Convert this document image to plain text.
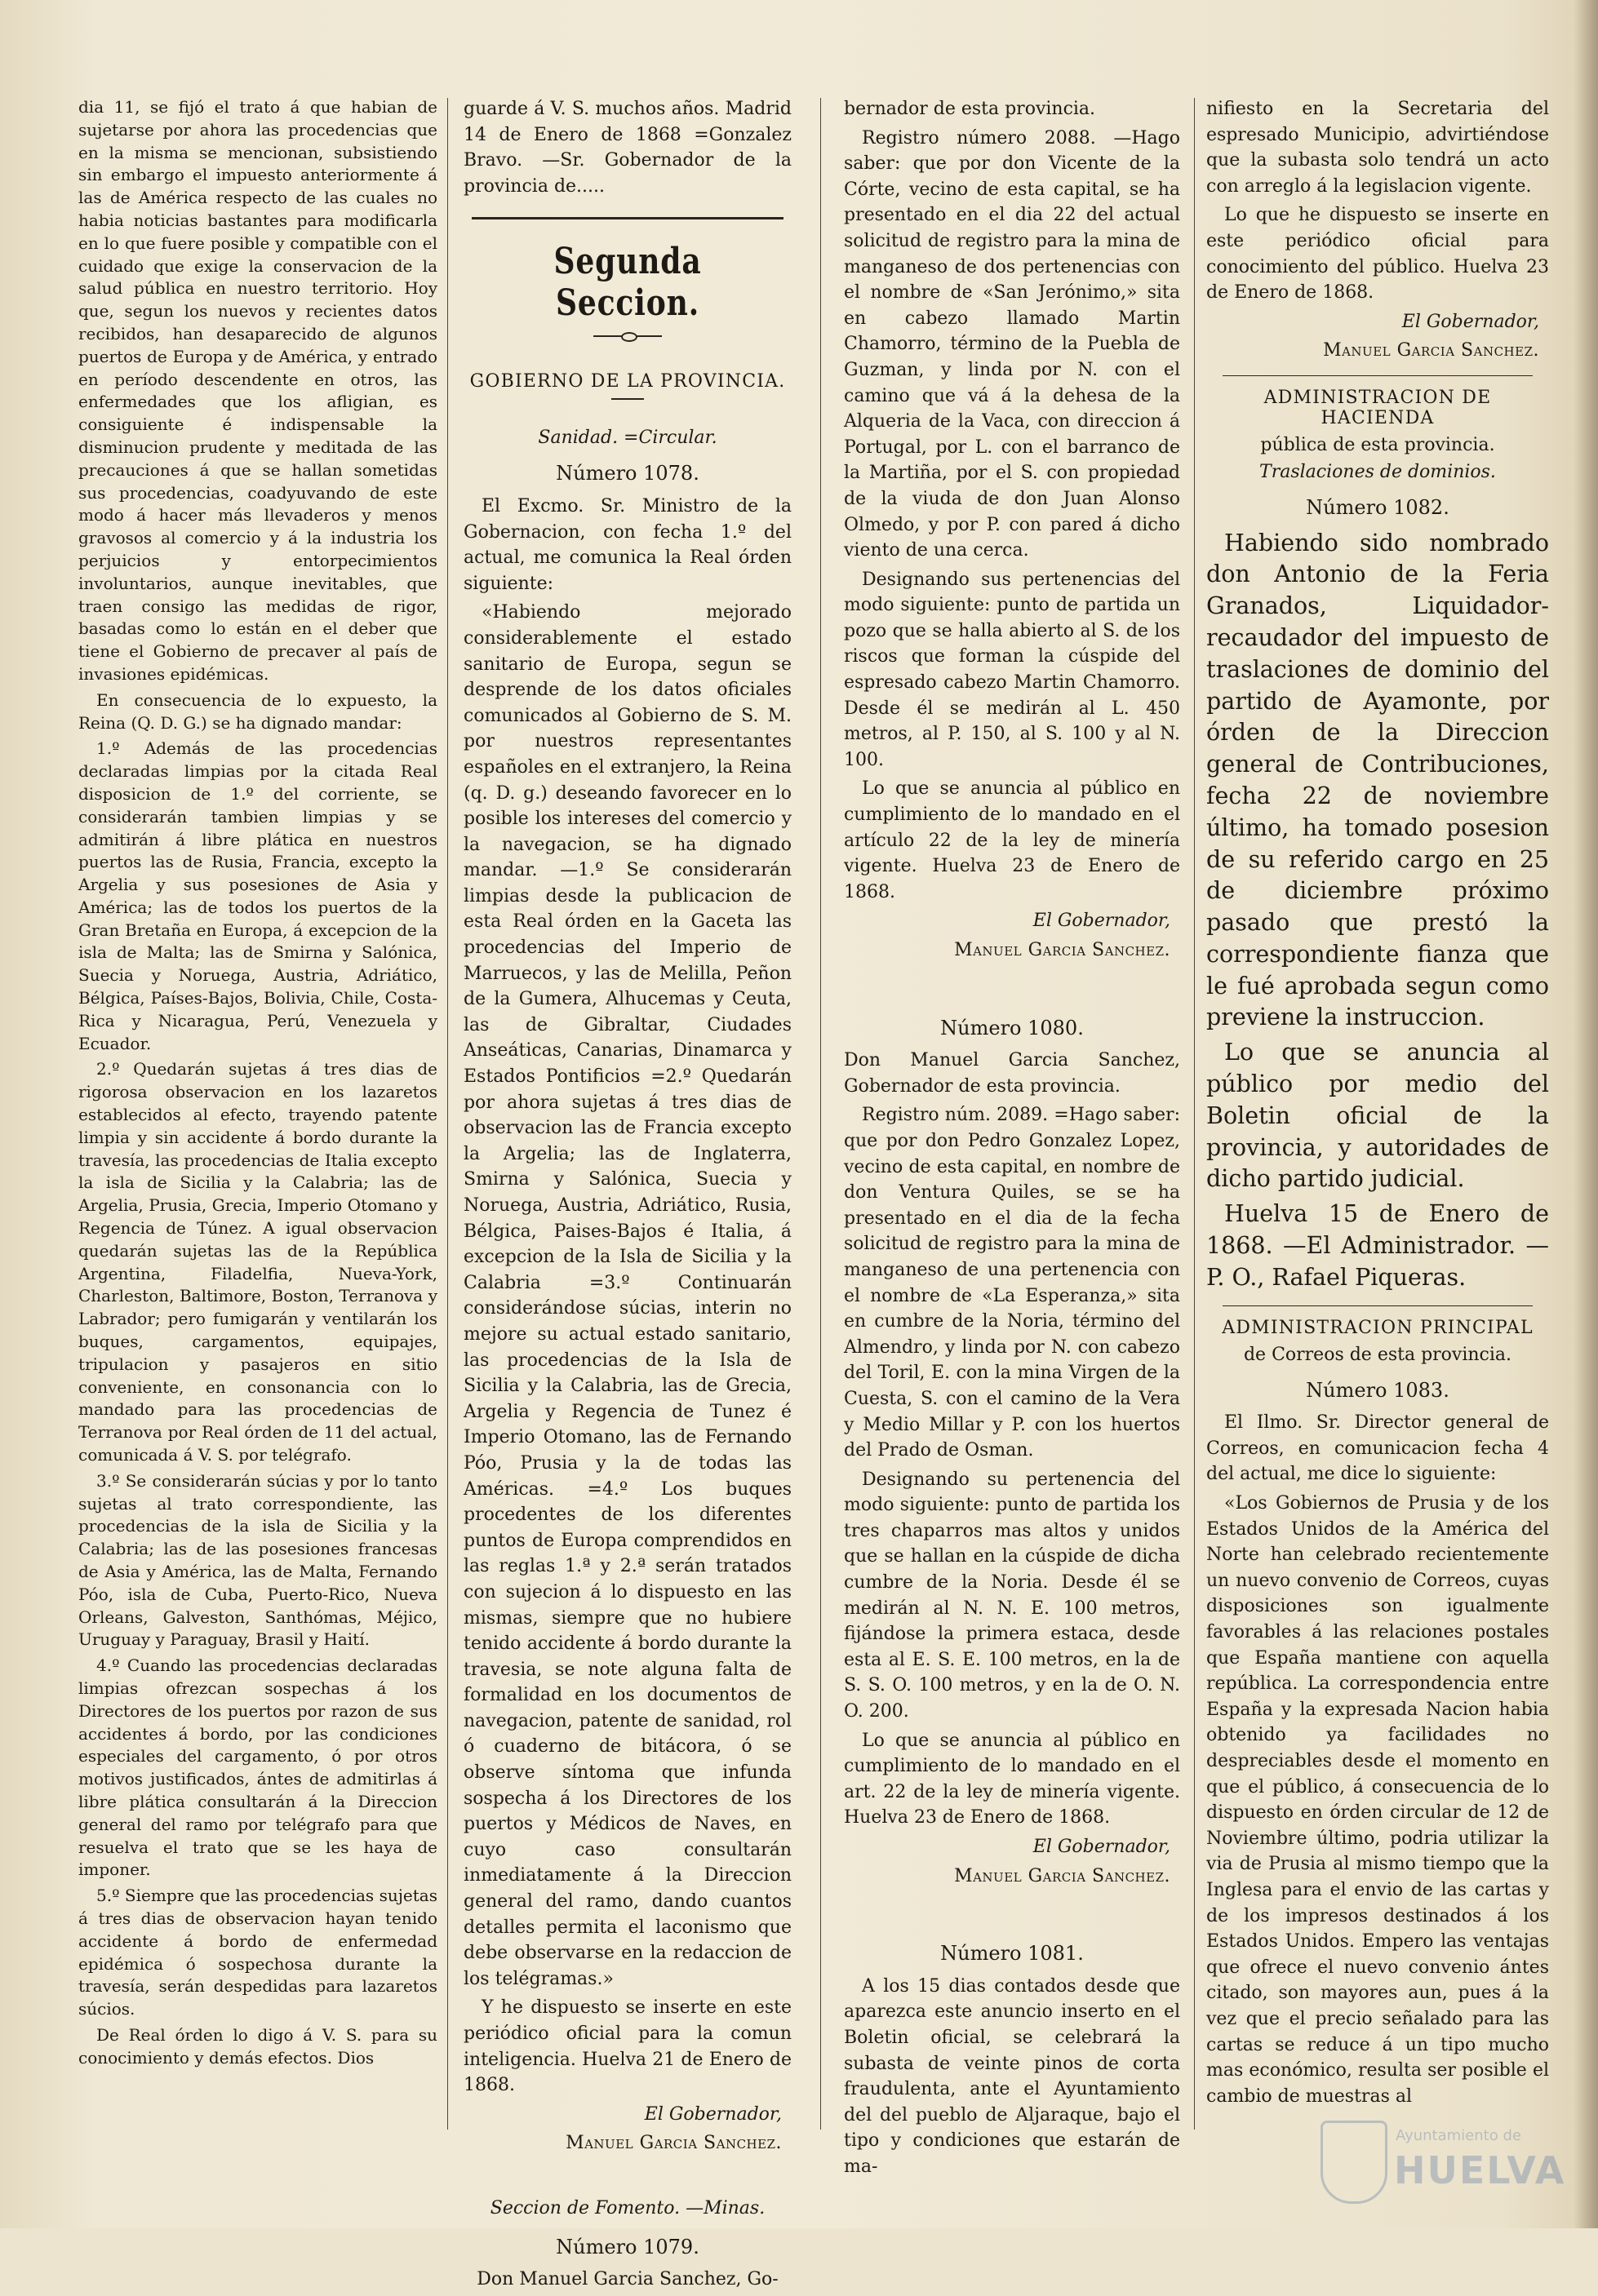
dia 11, se fijó el trato á que habian de sujetarse por ahora las procedencias que en la misma se mencionan, subsistiendo sin embargo el impuesto anteriormente á las de América respecto de las cuales no habia noticias bastantes para modificarla en lo que fuere posible y compatible con el cuidado que exige la conservacion de la salud pública en nuestro territorio. Hoy que, segun los nuevos y recientes datos recibidos, han desaparecido de algunos puertos de Europa y de América, y entrado en período descendente en otros, las enfermedades que los afligian, es consiguiente é indispensable la disminucion prudente y meditada de las precauciones á que se hallan sometidas sus procedencias, coadyuvando de este modo á hacer más llevaderos y menos gravosos al comercio y á la industria los perjuicios y entorpecimientos involuntarios, aunque inevitables, que traen consigo las medidas de rigor, basadas como lo están en el deber que tiene el Gobierno de precaver al país de invasiones epidémicas.

En consecuencia de lo expuesto, la Reina (Q. D. G.) se ha dignado mandar:

1.º Además de las procedencias declaradas limpias por la citada Real disposicion de 1.º del corriente, se considerarán tambien limpias y se admitirán á libre plática en nuestros puertos las de Rusia, Francia, excepto la Argelia y sus posesiones de Asia y América; las de todos los puertos de la Gran Bretaña en Europa, á excepcion de la isla de Malta; las de Smirna y Salónica, Suecia y Noruega, Austria, Adriático, Bélgica, Países-Bajos, Bolivia, Chile, Costa-Rica y Nicaragua, Perú, Venezuela y Ecuador.

2.º Quedarán sujetas á tres dias de rigorosa observacion en los lazaretos establecidos al efecto, trayendo patente limpia y sin accidente á bordo durante la travesía, las procedencias de Italia excepto la isla de Sicilia y la Calabria; las de Argelia, Prusia, Grecia, Imperio Otomano y Regencia de Túnez. A igual observacion quedarán sujetas las de la República Argentina, Filadelfia, Nueva-York, Charleston, Baltimore, Boston, Terranova y Labrador; pero fumigarán y ventilarán los buques, cargamentos, equipajes, tripulacion y pasajeros en sitio conveniente, en consonancia con lo mandado para las procedencias de Terranova por Real órden de 11 del actual, comunicada á V. S. por telégrafo.

3.º Se considerarán súcias y por lo tanto sujetas al trato correspondiente, las procedencias de la isla de Sicilia y la Calabria; las de las posesiones francesas de Asia y América, las de Malta, Fernando Póo, isla de Cuba, Puerto-Rico, Nueva Orleans, Galveston, Santhómas, Méjico, Uruguay y Paraguay, Brasil y Haití.

4.º Cuando las procedencias declaradas limpias ofrezcan sospechas á los Directores de los puertos por razon de sus accidentes á bordo, por las condiciones especiales del cargamento, ó por otros motivos justificados, ántes de admitirlas á libre plática consultarán á la Direccion general del ramo por telégrafo para que resuelva el trato que se les haya de imponer.

5.º Siempre que las procedencias sujetas á tres dias de observacion hayan tenido accidente á bordo de enfermedad epidémica ó sospechosa durante la travesía, serán despedidas para lazaretos súcios.

De Real órden lo digo á V. S. para su conocimiento y demás efectos. Dios

guarde á V. S. muchos años. Madrid 14 de Enero de 1868 =Gonzalez Bravo. —Sr. Gobernador de la provincia de.....

Segunda Seccion.
GOBIERNO DE LA PROVINCIA.
Sanidad. =Circular.

Número 1078.

El Excmo. Sr. Ministro de la Gobernacion, con fecha 1.º del actual, me comunica la Real órden siguiente:

«Habiendo mejorado considerablemente el estado sanitario de Europa, segun se desprende de los datos oficiales comunicados al Gobierno de S. M. por nuestros representantes españoles en el extranjero, la Reina (q. D. g.) deseando favorecer en lo posible los intereses del comercio y la navegacion, se ha dignado mandar. —1.º Se considerarán limpias desde la publicacion de esta Real órden en la Gaceta las procedencias del Imperio de Marruecos, y las de Melilla, Peñon de la Gumera, Alhucemas y Ceuta, las de Gibraltar, Ciudades Anseáticas, Canarias, Dinamarca y Estados Pontificios =2.º Quedarán por ahora sujetas á tres dias de observacion las de Francia excepto la Argelia; las de Inglaterra, Smirna y Salónica, Suecia y Noruega, Austria, Adriático, Rusia, Bélgica, Paises-Bajos é Italia, á excepcion de la Isla de Sicilia y la Calabria =3.º Continuarán considerándose súcias, interin no mejore su actual estado sanitario, las procedencias de la Isla de Sicilia y la Calabria, las de Grecia, Argelia y Regencia de Tunez é Imperio Otomano, las de Fernando Póo, Prusia y la de todas las Américas. =4.º Los buques procedentes de los diferentes puntos de Europa comprendidos en las reglas 1.ª y 2.ª serán tratados con sujecion á lo dispuesto en las mismas, siempre que no hubiere tenido accidente á bordo durante la travesia, se note alguna falta de formalidad en los documentos de navegacion, patente de sanidad, rol ó cuaderno de bitácora, ó se observe síntoma que infunda sospecha á los Directores de los puertos y Médicos de Naves, en cuyo caso consultarán inmediatamente á la Direccion general del ramo, dando cuantos detalles permita el laconismo que debe observarse en la redaccion de los telégramas.»

Y he dispuesto se inserte en este periódico oficial para la comun inteligencia. Huelva 21 de Enero de 1868.

El Gobernador,

Manuel Garcia Sanchez.

Seccion de Fomento. —Minas.

Número 1079.

Don Manuel Garcia Sanchez, Go-

bernador de esta provincia.

Registro número 2088. —Hago saber: que por don Vicente de la Córte, vecino de esta capital, se ha presentado en el dia 22 del actual solicitud de registro para la mina de manganeso de dos pertenencias con el nombre de «San Jerónimo,» sita en cabezo llamado Martin Chamorro, término de la Puebla de Guzman, y linda por N. con el camino que vá á la dehesa de la Alqueria de la Vaca, con direccion á Portugal, por L. con el barranco de la Martiña, por el S. con propiedad de la viuda de don Juan Alonso Olmedo, y por P. con pared á dicho viento de una cerca.

Designando sus pertenencias del modo siguiente: punto de partida un pozo que se halla abierto al S. de los riscos que forman la cúspide del espresado cabezo Martin Chamorro. Desde él se medirán al L. 450 metros, al P. 150, al S. 100 y al N. 100.

Lo que se anuncia al público en cumplimiento de lo mandado en el artículo 22 de la ley de minería vigente. Huelva 23 de Enero de 1868.

El Gobernador,

Manuel Garcia Sanchez.

Número 1080.

Don Manuel Garcia Sanchez, Gobernador de esta provincia.

Registro núm. 2089. =Hago saber: que por don Pedro Gonzalez Lopez, vecino de esta capital, en nombre de don Ventura Quiles, se se ha presentado en el dia de la fecha solicitud de registro para la mina de manganeso de una pertenencia con el nombre de «La Esperanza,» sita en cumbre de la Noria, término del Almendro, y linda por N. con cabezo del Toril, E. con la mina Virgen de la Cuesta, S. con el camino de la Vera y Medio Millar y P. con los huertos del Prado de Osman.

Designando su pertenencia del modo siguiente: punto de partida los tres chaparros mas altos y unidos que se hallan en la cúspide de dicha cumbre de la Noria. Desde él se medirán al N. N. E. 100 metros, fijándose la primera estaca, desde esta al E. S. E. 100 metros, en la de S. S. O. 100 metros, y en la de O. N. O. 200.

Lo que se anuncia al público en cumplimiento de lo mandado en el art. 22 de la ley de minería vigente. Huelva 23 de Enero de 1868.

El Gobernador,

Manuel Garcia Sanchez.

Número 1081.

A los 15 dias contados desde que aparezca este anuncio inserto en el Boletin oficial, se celebrará la subasta de veinte pinos de corta fraudulenta, ante el Ayuntamiento del del pueblo de Aljaraque, bajo el tipo y condiciones que estarán de ma-

nifiesto en la Secretaria del espresado Municipio, advirtiéndose que la subasta solo tendrá un acto con arreglo á la legislacion vigente.

Lo que he dispuesto se inserte en este periódico oficial para conocimiento del público. Huelva 23 de Enero de 1868.

El Gobernador,

Manuel Garcia Sanchez.

ADMINISTRACION DE HACIENDA
pública de esta provincia.
Traslaciones de dominios.

Número 1082.

Habiendo sido nombrado don Antonio de la Feria Granados, Liquidador-recaudador del impuesto de traslaciones de dominio del partido de Ayamonte, por órden de la Direccion general de Contribuciones, fecha 22 de noviembre último, ha tomado posesion de su referido cargo en 25 de diciembre próximo pasado que prestó la correspondiente fianza que le fué aprobada segun como previene la instruccion.

Lo que se anuncia al público por medio del Boletin oficial de la provincia, y autoridades de dicho partido judicial.

Huelva 15 de Enero de 1868. —El Administrador. — P. O., Rafael Piqueras.

ADMINISTRACION PRINCIPAL
de Correos de esta provincia.

Número 1083.

El Ilmo. Sr. Director general de Correos, en comunicacion fecha 4 del actual, me dice lo siguiente:

«Los Gobiernos de Prusia y de los Estados Unidos de la América del Norte han celebrado recientemente un nuevo convenio de Correos, cuyas disposiciones son igualmente favorables á las relaciones postales que España mantiene con aquella república. La correspondencia entre España y la expresada Nacion habia obtenido ya facilidades no despreciables desde el momento en que el público, á consecuencia de lo dispuesto en órden circular de 12 de Noviembre último, podria utilizar la via de Prusia al mismo tiempo que la Inglesa para el envio de las cartas y de los impresos destinados á los Estados Unidos. Empero las ventajas que ofrece el nuevo convenio ántes citado, son mayores aun, pues á la vez que el precio señalado para las cartas se reduce á un tipo mucho mas económico, resulta ser posible el cambio de muestras al

Ayuntamiento de
HUELVA
